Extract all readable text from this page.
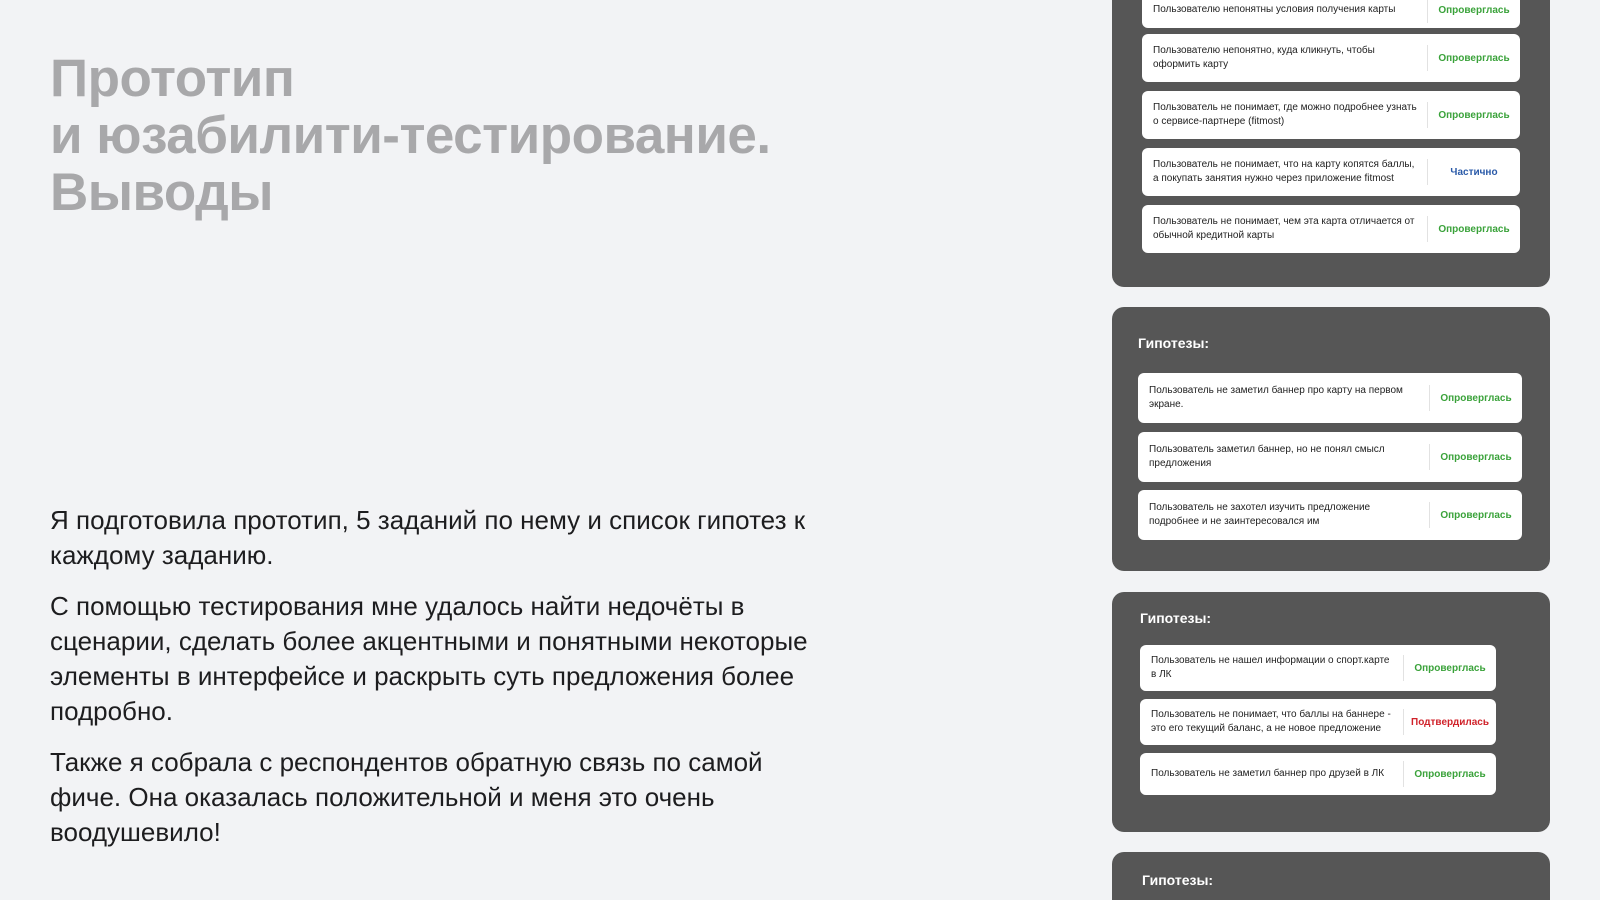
Прототип
и юзабилити-тестирование.
Выводы

Я подготовила прототип, 5 заданий по нему и список гипотез к каждому заданию.

С помощью тестирования мне удалось найти недочёты в сценарии, сделать более акцентными и понятными некоторые элементы в интерфейсе и раскрыть суть предложения более подробно.

Также я собрала с респондентов обратную связь по самой фиче. Она оказалась положительной и меня это очень воодушевило!

Пользователю непонятны условия получения карты	Опроверглась
Пользователю непонятно, куда кликнуть, чтобы оформить карту
Опроверглась
Пользователь не понимает, где можно подробнее узнать о сервисе-партнере (fitmost)
Опроверглась
Пользователь не понимает, что на карту копятся баллы, а покупать занятия нужно через приложение fitmost
Частично
Пользователь не понимает, чем эта карта отличается от обычной кредитной карты
Опроверглась
Гипотезы:
Пользователь не заметил баннер про карту на первом экране.
Опроверглась
Пользователь заметил баннер, но не понял смысл предложения
Опроверглась
Пользователь не захотел изучить предложение подробнее и не заинтересовался им
Опроверглась
Гипотезы:
Пользователь не нашел информации о спорт.карте в ЛК
Опроверглась
Пользователь не понимает, что баллы на баннере - это его текущий баланс, а не новое предложение
Подтвердилась
Пользователь не заметил баннер про друзей в ЛК	Опроверглась
Гипотезы:
